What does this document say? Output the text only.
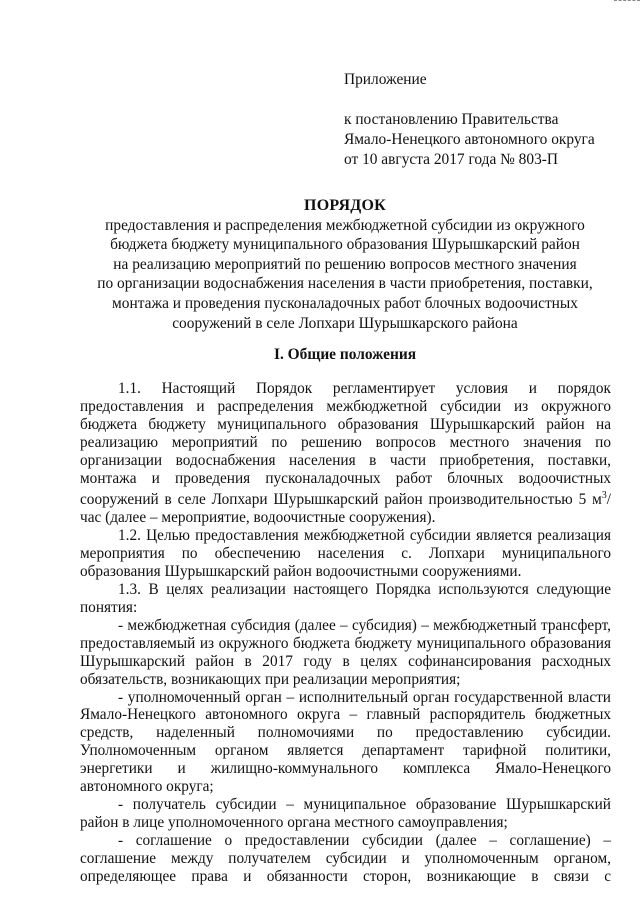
Приложение
к постановлению Правительства
Ямало-Ненецкого автономного округа
от 10 августа 2017 года № 803-П
ПОРЯДОК
предоставления и распределения межбюджетной субсидии из окружного
бюджета бюджету муниципального образования Шурышкарский район
на реализацию мероприятий по решению вопросов местного значения
по организации водоснабжения населения в части приобретения, поставки,
монтажа и проведения пусконаладочных работ блочных водоочистных
сооружений в селе Лопхари Шурышкарского района
I. Общие положения

1.1. Настоящий Порядок регламентирует условия и порядок предоставления и распределения межбюджетной субсидии из окружного бюджета бюджету муниципального образования Шурышкарский район на реализацию мероприятий по решению вопросов местного значения по организации водоснабжения населения в части приобретения, поставки, монтажа и проведения пусконаладочных работ блочных водоочистных сооружений в селе Лопхари Шурышкарский район производительностью 5 $м^3$/час (далее – мероприятие, водоочистные сооружения).

1.2. Целью предоставления межбюджетной субсидии является реализация мероприятия по обеспечению населения с. Лопхари муниципального образования Шурышкарский район водоочистными сооружениями.

1.3. В целях реализации настоящего Порядка используются следующие понятия:

- межбюджетная субсидия (далее – субсидия) – межбюджетный трансферт, предоставляемый из окружного бюджета бюджету муниципального образования Шурышкарский район в 2017 году в целях софинансирования расходных обязательств, возникающих при реализации мероприятия;

- уполномоченный орган – исполнительный орган государственной власти Ямало-Ненецкого автономного округа – главный распорядитель бюджетных средств, наделенный полномочиями по предоставлению субсидии. Уполномоченным органом является департамент тарифной политики, энергетики и жилищно-коммунального комплекса Ямало-Ненецкого автономного округа;

- получатель субсидии – муниципальное образование Шурышкарский район в лице уполномоченного органа местного самоуправления;

- соглашение о предоставлении субсидии (далее – соглашение) – соглашение между получателем субсидии и уполномоченным органом, определяющее права и обязанности сторон, возникающие в связи с
